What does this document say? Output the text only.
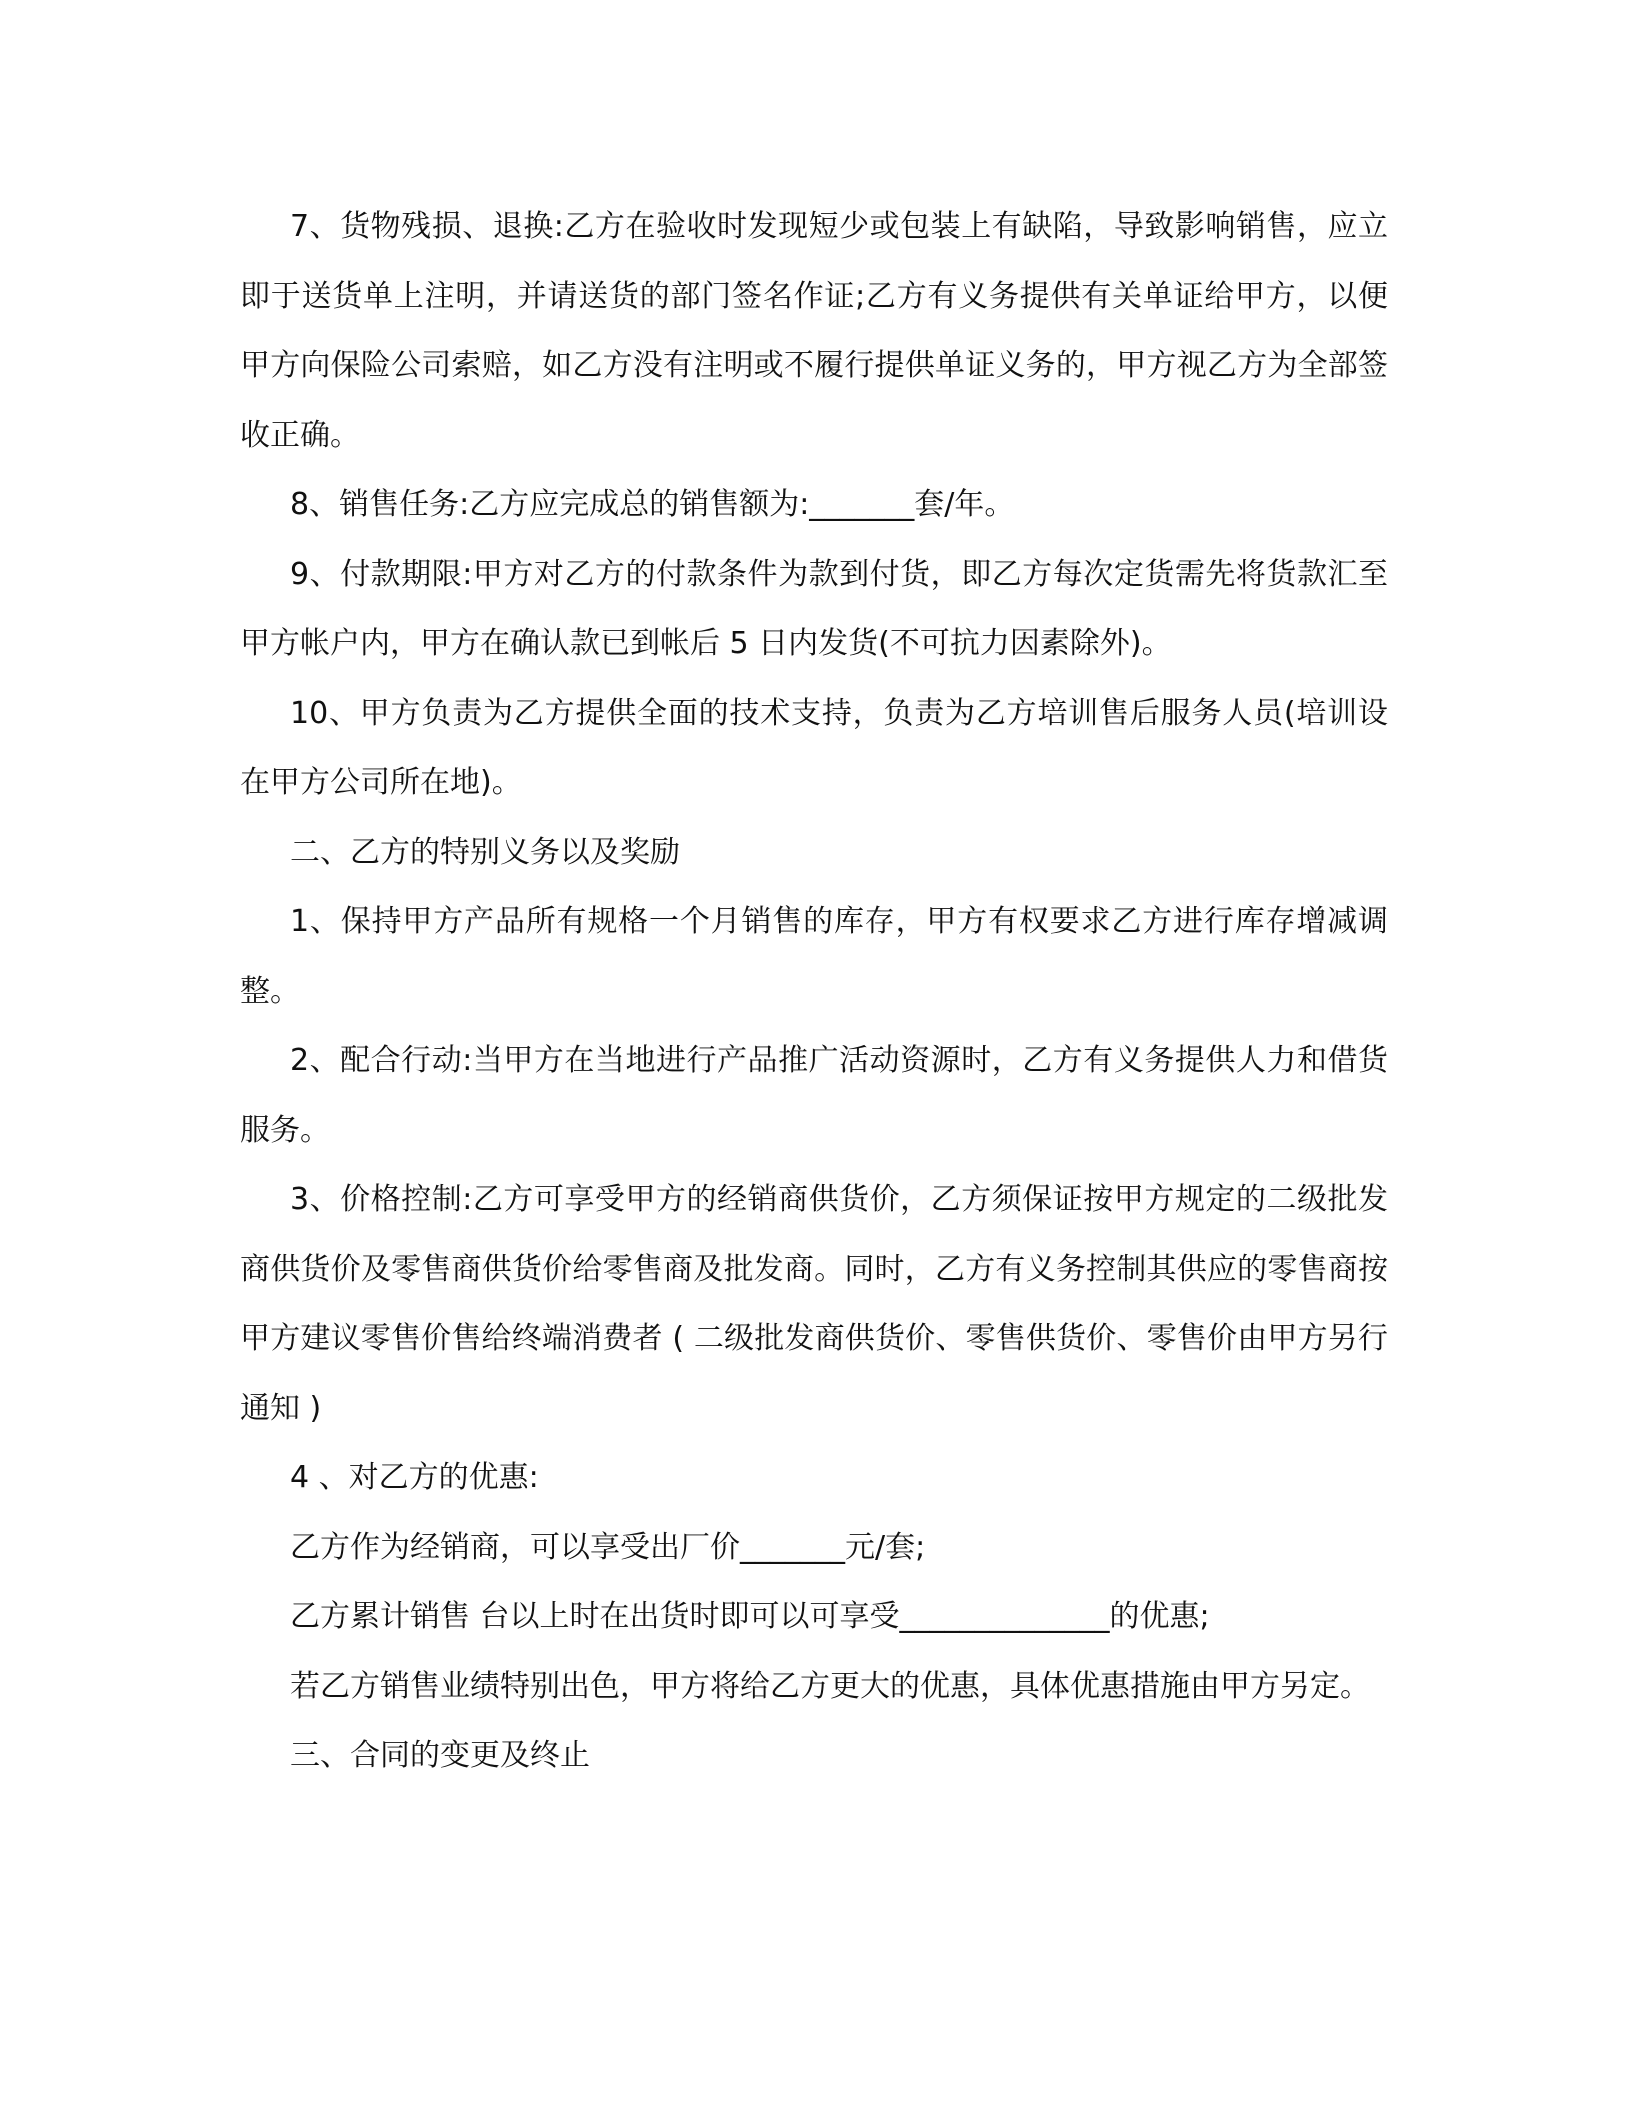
7、货物残损、退换:乙方在验收时发现短少或包装上有缺陷，导致影响销售，应立即于送货单上注明，并请送货的部门签名作证;乙方有义务提供有关单证给甲方，以便甲方向保险公司索赔，如乙方没有注明或不履行提供单证义务的，甲方视乙方为全部签收正确。

8、销售任务:乙方应完成总的销售额为:_______套/年。

9、付款期限:甲方对乙方的付款条件为款到付货，即乙方每次定货需先将货款汇至甲方帐户内，甲方在确认款已到帐后 5 日内发货(不可抗力因素除外)。

10、甲方负责为乙方提供全面的技术支持，负责为乙方培训售后服务人员(培训设在甲方公司所在地)。

二、乙方的特别义务以及奖励

1、保持甲方产品所有规格一个月销售的库存，甲方有权要求乙方进行库存增减调整。

2、配合行动:当甲方在当地进行产品推广活动资源时，乙方有义务提供人力和借货服务。

3、价格控制:乙方可享受甲方的经销商供货价，乙方须保证按甲方规定的二级批发商供货价及零售商供货价给零售商及批发商。同时，乙方有义务控制其供应的零售商按甲方建议零售价售给终端消费者 ( 二级批发商供货价、零售供货价、零售价由甲方另行通知 )

4 、对乙方的优惠:

乙方作为经销商，可以享受出厂价_______元/套;

乙方累计销售 台以上时在出货时即可以可享受______________的优惠;

若乙方销售业绩特别出色，甲方将给乙方更大的优惠，具体优惠措施由甲方另定。

三、合同的变更及终止
